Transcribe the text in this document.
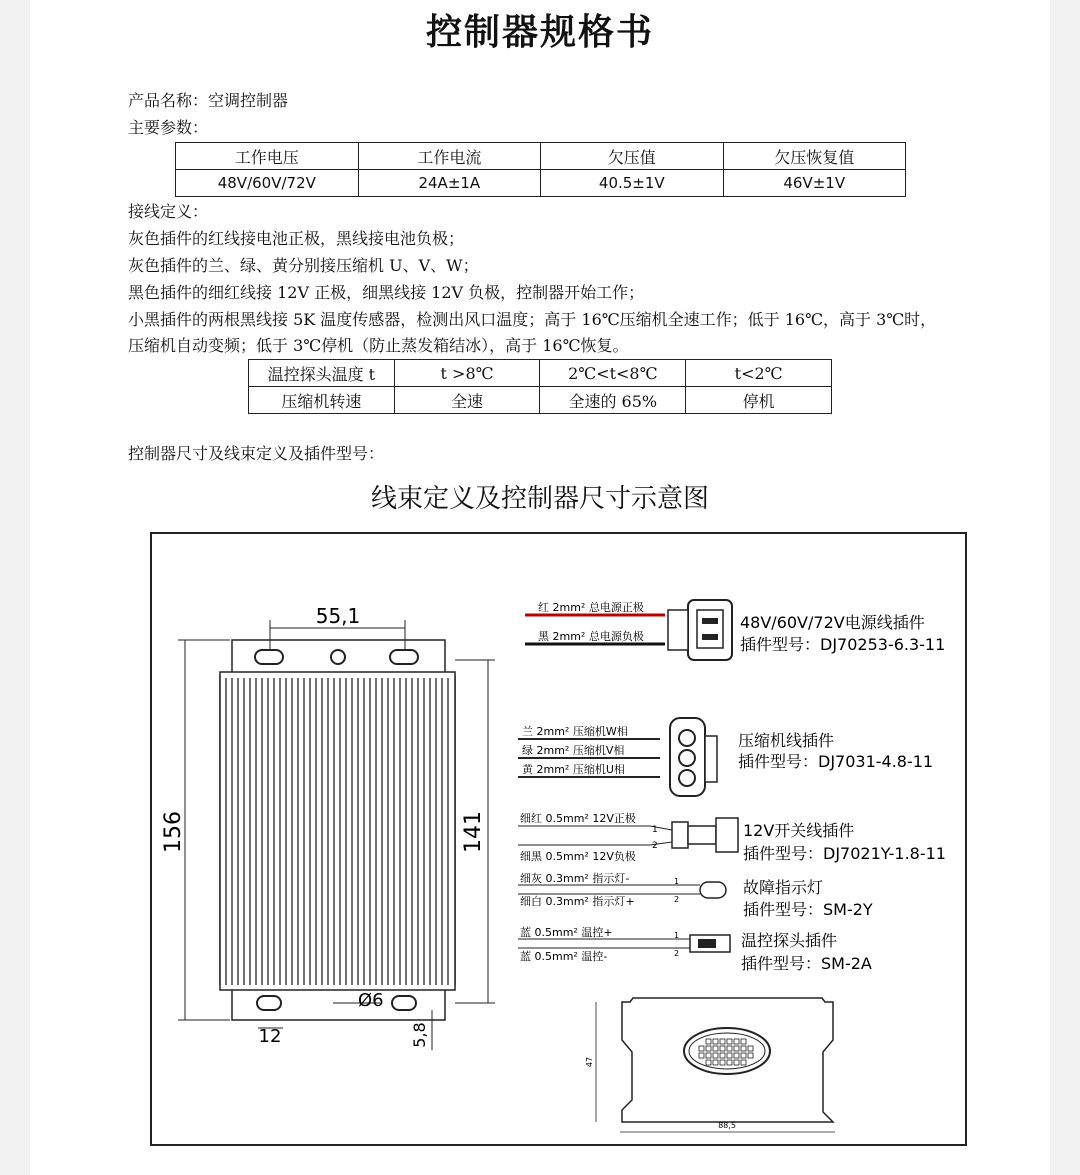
控制器规格书
产品名称：空调控制器
主要参数：
工作电压	工作电流	欠压值	欠压恢复值
48V/60V/72V	24A±1A	40.5±1V	46V±1V
接线定义：
灰色插件的红线接电池正极，黑线接电池负极；
灰色插件的兰、绿、黄分别接压缩机 U、V、W；
黑色插件的细红线接 12V 正极，细黑线接 12V 负极，控制器开始工作；
小黑插件的两根黑线接 5K 温度传感器，检测出风口温度；高于 16℃压缩机全速工作；低于 16℃，高于 3℃时，
压缩机自动变频；低于 3℃停机（防止蒸发箱结冰），高于 16℃恢复。
温控探头温度 t	t >8℃	2℃<t<8℃	t<2℃
压缩机转速	全速	全速的 65%	停机
控制器尺寸及线束定义及插件型号：
线束定义及控制器尺寸示意图
55,1
156	141
12
Ø6
5,8
红 2mm² 总电源正极
黑 2mm² 总电源负极
48V/60V/72V电源线插件
插件型号：DJ70253-6.3-11
兰 2mm² 压缩机W相
绿 2mm² 压缩机V相
黄 2mm² 压缩机U相
压缩机线插件
插件型号：DJ7031-4.8-11
细红 0.5mm² 12V正极
细黑 0.5mm² 12V负极
1
2
12V开关线插件
插件型号：DJ7021Y-1.8-11
细灰 0.3mm² 指示灯-
细白 0.3mm² 指示灯+
1
2
故障指示灯
插件型号：SM-2Y
蓝 0.5mm² 温控+
蓝 0.5mm² 温控-
1
2
温控探头插件
插件型号：SM-2A
47
88,5
